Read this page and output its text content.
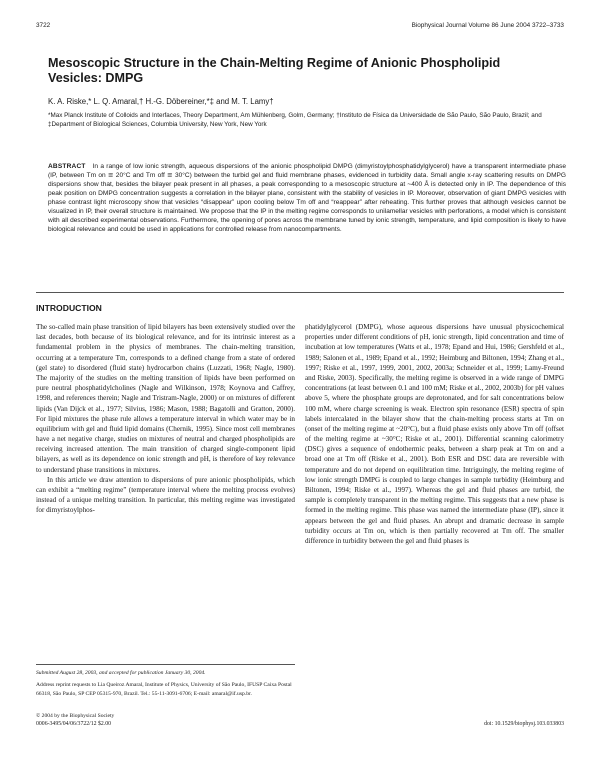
3722	Biophysical Journal Volume 86 June 2004 3722–3733
Mesoscopic Structure in the Chain-Melting Regime of Anionic Phospholipid Vesicles: DMPG
K. A. Riske,* L. Q. Amaral,† H.-G. Döbereiner,*‡ and M. T. Lamy†
*Max Planck Institute of Colloids and Interfaces, Theory Department, Am Mühlenberg, Golm, Germany; †Instituto de Física da Universidade de São Paulo, São Paulo, Brazil; and ‡Department of Biological Sciences, Columbia University, New York, New York
ABSTRACT In a range of low ionic strength, aqueous dispersions of the anionic phospholipid DMPG (dimyristoylphosphatidylglycerol) have a transparent intermediate phase (IP, between Tm on ≅ 20°C and Tm off ≅ 30°C) between the turbid gel and fluid membrane phases, evidenced in turbidity data. Small angle x-ray scattering results on DMPG dispersions show that, besides the bilayer peak present in all phases, a peak corresponding to a mesoscopic structure at ~400 Å is detected only in IP. The dependence of this peak position on DMPG concentration suggests a correlation in the bilayer plane, consistent with the stability of vesicles in IP. Moreover, observation of giant DMPG vesicles with phase contrast light microscopy show that vesicles “disappear” upon cooling below Tm off and “reappear” after reheating. This further proves that although vesicles cannot be visualized in IP, their overall structure is maintained. We propose that the IP in the melting regime corresponds to unilamellar vesicles with perforations, a model which is consistent with all described experimental observations. Furthermore, the opening of pores across the membrane tuned by ionic strength, temperature, and lipid composition is likely to have biological relevance and could be used in applications for controlled release from nanocompartments.
INTRODUCTION

The so-called main phase transition of lipid bilayers has been extensively studied over the last decades, both because of its biological relevance, and for its intrinsic interest as a fundamental problem in the physics of membranes. The chain-melting transition, occurring at a temperature Tm, corresponds to a defined change from a state of ordered (gel state) to disordered (fluid state) hydrocarbon chains (Luzzati, 1968; Nagle, 1980). The majority of the studies on the melting transition of lipids have been performed on pure neutral phosphatidylcholines (Nagle and Wilkinson, 1978; Koynova and Caffrey, 1998, and references therein; Nagle and Tristram-Nagle, 2000) or on mixtures of different lipids (Van Dijck et al., 1977; Silvius, 1986; Mason, 1988; Bagatolli and Gratton, 2000). For lipid mixtures the phase rule allows a temperature interval in which water may be in equilibrium with gel and fluid lipid domains (Chernik, 1995). Since most cell membranes have a net negative charge, studies on mixtures of neutral and charged phospholipids are receiving increased attention. The main transition of charged single-component lipid bilayers, as well as its dependence on ionic strength and pH, is therefore of key relevance to understand phase transitions in mixtures.

In this article we draw attention to dispersions of pure anionic phospholipids, which can exhibit a “melting regime” (temperature interval where the melting process evolves) instead of a unique melting transition. In particular, this melting regime was investigated for dimyristoylphos-

phatidylglycerol (DMPG), whose aqueous dispersions have unusual physicochemical properties under different conditions of pH, ionic strength, lipid concentration and time of incubation at low temperatures (Watts et al., 1978; Epand and Hui, 1986; Gershfeld et al., 1989; Salonen et al., 1989; Epand et al., 1992; Heimburg and Biltonen, 1994; Zhang et al., 1997; Riske et al., 1997, 1999, 2001, 2002, 2003a; Schneider et al., 1999; Lamy-Freund and Riske, 2003). Specifically, the melting regime is observed in a wide range of DMPG concentrations (at least between 0.1 and 100 mM; Riske et al., 2002, 2003b) for pH values above 5, where the phosphate groups are deprotonated, and for salt concentrations below 100 mM, where charge screening is weak. Electron spin resonance (ESR) spectra of spin labels intercalated in the bilayer show that the chain-melting process starts at Tm on (onset of the melting regime at ~20°C), but a fluid phase exists only above Tm off (offset of the melting regime at ~30°C; Riske et al., 2001). Differential scanning calorimetry (DSC) gives a sequence of endothermic peaks, between a sharp peak at Tm on and a broad one at Tm off (Riske et al., 2001). Both ESR and DSC data are reversible with temperature and do not depend on equilibration time. Intriguingly, the melting regime of low ionic strength DMPG is coupled to large changes in sample turbidity (Heimburg and Biltonen, 1994; Riske et al., 1997). Whereas the gel and fluid phases are turbid, the sample is completely transparent in the melting regime. This suggests that a new phase is formed in the melting regime. This phase was named the intermediate phase (IP), since it appears between the gel and fluid phases. An abrupt and dramatic decrease in sample turbidity occurs at Tm on, which is then partially recovered at Tm off. The smaller difference in turbidity between the gel and fluid phases is

Submitted August 28, 2003, and accepted for publication January 30, 2004.
Address reprint requests to Lia Queiroz Amaral, Institute of Physics, University of São Paulo, IFUSP Caixa Postal 66318, São Paulo, SP CEP 05315-970, Brazil. Tel.: 55-11-3091-6706; E-mail: amaral@if.usp.br.
© 2004 by the Biophysical Society
0006-3495/04/06/3722/12 $2.00	doi: 10.1529/biophysj.103.033803
